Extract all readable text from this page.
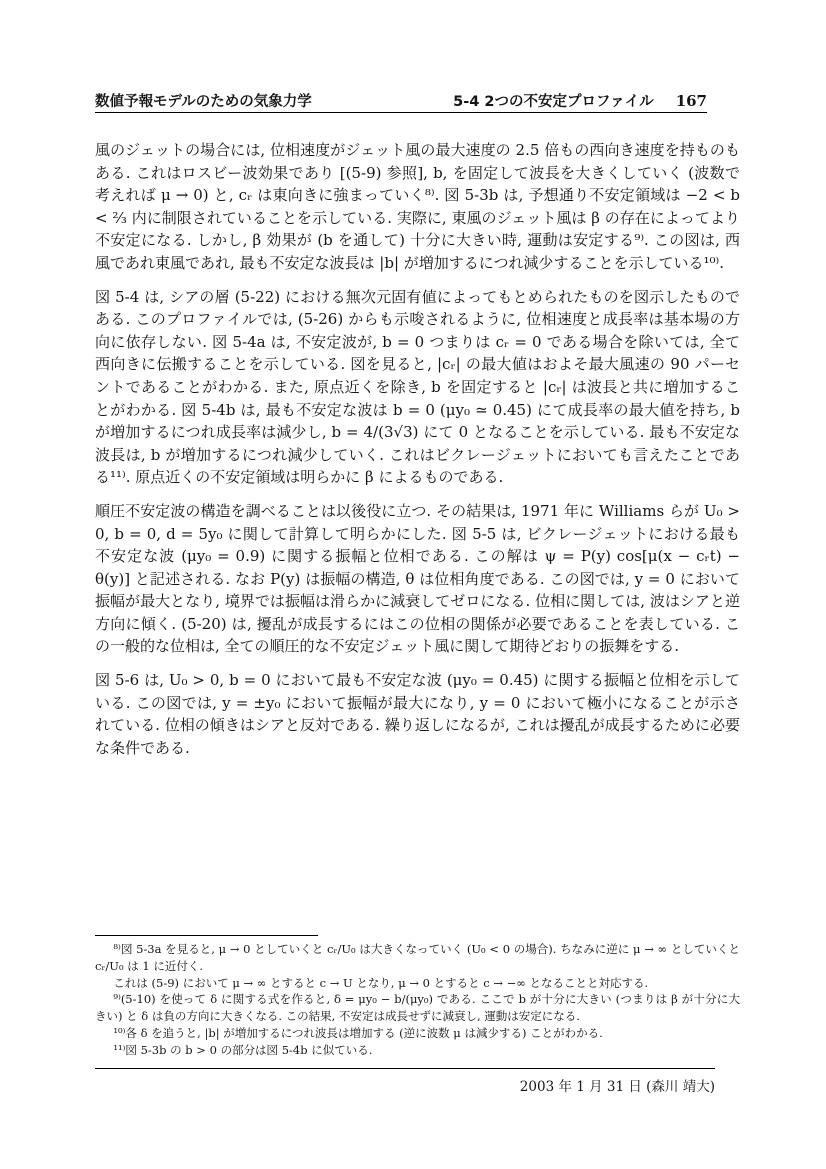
数値予報モデルのための気象力学	5-4 2つの不安定プロファイル 167

風のジェットの場合には, 位相速度がジェット風の最大速度の 2.5 倍もの西向き速度を持ものもある. これはロスビー波効果であり [(5-9) 参照], b, を固定して波長を大きくしていく (波数で考えれば μ → 0) と, cᵣ は東向きに強まっていく⁸⁾. 図 5-3b は, 予想通り不安定領域は −2 < b < ²⁄₃ 内に制限されていることを示している. 実際に, 東風のジェット風は β の存在によってより不安定になる. しかし, β 効果が (b を通して) 十分に大きい時, 運動は安定する⁹⁾. この図は, 西風であれ東風であれ, 最も不安定な波長は |b| が増加するにつれ減少することを示している¹⁰⁾.

図 5-4 は, シアの層 (5-22) における無次元固有値によってもとめられたものを図示したものである. このプロファイルでは, (5-26) からも示唆されるように, 位相速度と成長率は基本場の方向に依存しない. 図 5-4a は, 不安定波が, b = 0 つまりは cᵣ = 0 である場合を除いては, 全て西向きに伝搬することを示している. 図を見ると, |cᵣ| の最大値はおよそ最大風速の 90 パーセントであることがわかる. また, 原点近くを除き, b を固定すると |cᵣ| は波長と共に増加することがわかる. 図 5-4b は, 最も不安定な波は b = 0 (μy₀ ≃ 0.45) にて成長率の最大値を持ち, b が増加するにつれ成長率は減少し, b = 4/(3√3) にて 0 となることを示している. 最も不安定な波長は, b が増加するにつれ減少していく. これはビクレージェットにおいても言えたことである¹¹⁾. 原点近くの不安定領域は明らかに β によるものである.

順圧不安定波の構造を調べることは以後役に立つ. その結果は, 1971 年に Williams らが U₀ > 0, b = 0, d = 5y₀ に関して計算して明らかにした. 図 5-5 は, ビクレージェットにおける最も不安定な波 (μy₀ = 0.9) に関する振幅と位相である. この解は ψ = P(y) cos[μ(x − cᵣt) − θ(y)] と記述される. なお P(y) は振幅の構造, θ は位相角度である. この図では, y = 0 において振幅が最大となり, 境界では振幅は滑らかに減衰してゼロになる. 位相に関しては, 波はシアと逆方向に傾く. (5-20) は, 擾乱が成長するにはこの位相の関係が必要であることを表している. この一般的な位相は, 全ての順圧的な不安定ジェット風に関して期待どおりの振舞をする.

図 5-6 は, U₀ > 0, b = 0 において最も不安定な波 (μy₀ = 0.45) に関する振幅と位相を示している. この図では, y = ±y₀ において振幅が最大になり, y = 0 において極小になることが示されている. 位相の傾きはシアと反対である. 繰り返しになるが, これは擾乱が成長するために必要な条件である.

⁸⁾図 5-3a を見ると, μ → 0 としていくと cᵣ/U₀ は大きくなっていく (U₀ < 0 の場合). ちなみに逆に μ → ∞ としていくと cᵣ/U₀ は 1 に近付く.

これは (5-9) において μ → ∞ とすると c → U となり, μ → 0 とすると c → −∞ となることと対応する.

⁹⁾(5-10) を使って δ に関する式を作ると, δ = μy₀ − b/(μy₀) である. ここで b が十分に大きい (つまりは β が十分に大きい) と δ は負の方向に大きくなる. この結果, 不安定は成長せずに減衰し, 運動は安定になる.

¹⁰⁾各 δ を追うと, |b| が増加するにつれ波長は増加する (逆に波数 μ は減少する) ことがわかる.

¹¹⁾図 5-3b の b > 0 の部分は図 5-4b に似ている.

2003 年 1 月 31 日 (森川 靖大)
